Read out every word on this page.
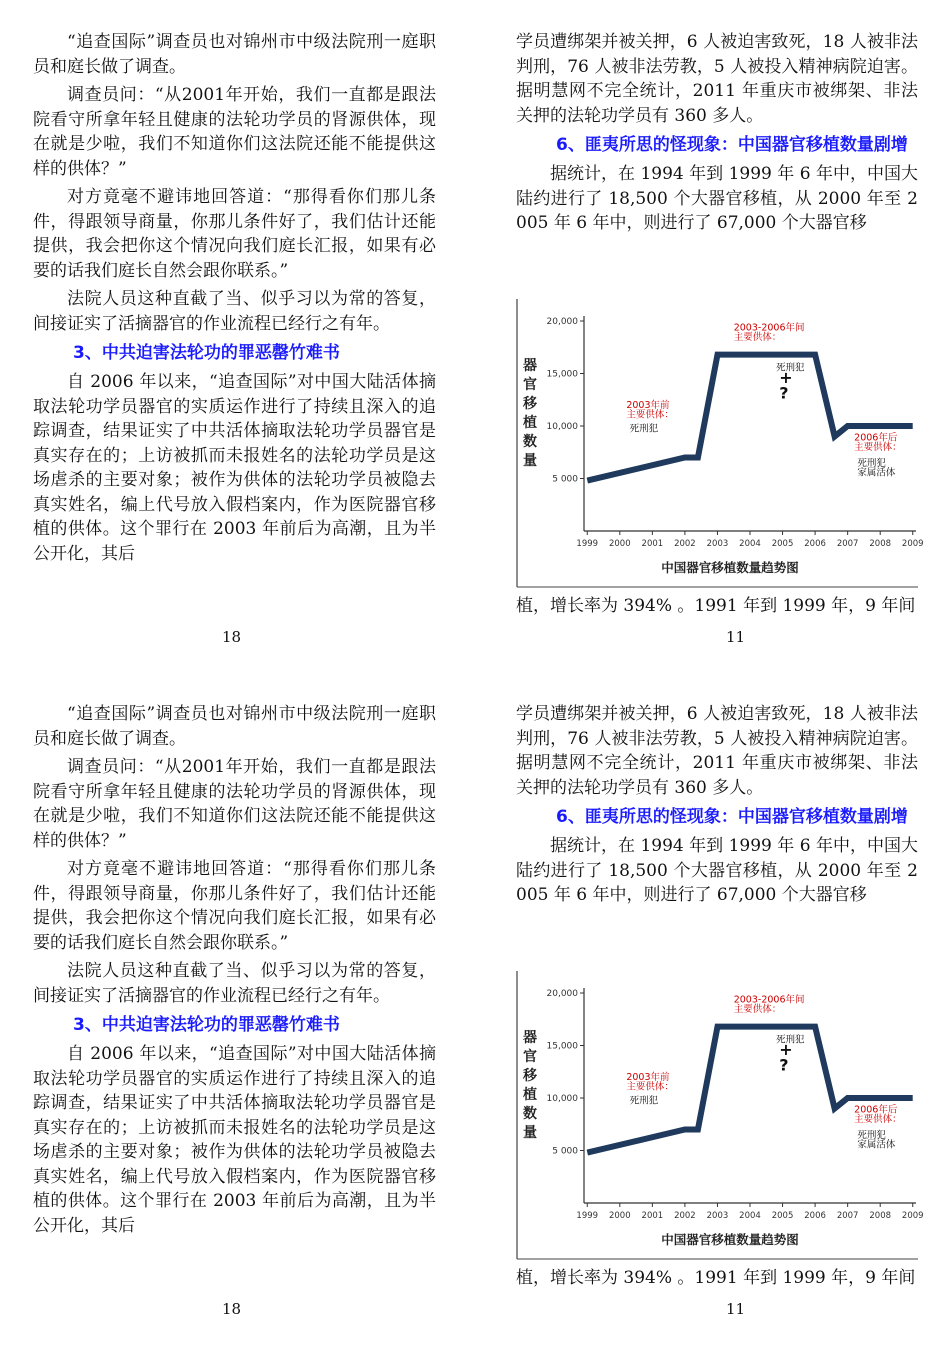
“追查国际”调查员也对锦州市中级法院刑一庭职员和庭长做了调查。

调查员问：“从2001年开始，我们一直都是跟法院看守所拿年轻且健康的法轮功学员的肾源供体，现在就是少啦，我们不知道你们这法院还能不能提供这样的供体？”

对方竟毫不避讳地回答道：“那得看你们那儿条件，得跟领导商量，你那儿条件好了，我们估计还能提供，我会把你这个情况向我们庭长汇报，如果有必要的话我们庭长自然会跟你联系。”

法院人员这种直截了当、似乎习以为常的答复，间接证实了活摘器官的作业流程已经行之有年。

3、中共迫害法轮功的罪恶罄竹难书

自 2006 年以来，“追查国际”对中国大陆活体摘取法轮功学员器官的实质运作进行了持续且深入的追踪调查，结果证实了中共活体摘取法轮功学员器官是真实存在的；上访被抓而未报姓名的法轮功学员是这场虐杀的主要对象；被作为供体的法轮功学员被隐去真实姓名，编上代号放入假档案内，作为医院器官移植的供体。这个罪行在 2003 年前后为高潮，且为半公开化，其后

18

学员遭绑架并被关押，6 人被迫害致死，18 人被非法判刑，76 人被非法劳教，5 人被投入精神病院迫害。据明慧网不完全统计，2011 年重庆市被绑架、非法关押的法轮功学员有 360 多人。

6、匪夷所思的怪现象：中国器官移植数量剧增

据统计，在 1994 年到 1999 年 6 年中，中国大陆约进行了 18,500 个大器官移植，从 2000 年至 2005 年 6 年中，则进行了 67,000 个大器官移

5 000
10,000
15,000
20,000
1999 2000 2001 2002 2003 2004 2005 2006 2007 2008 2009
器
官
移
植
数
量
2003年前
主要供体：
死刑犯
2003-2006年间
主要供体：
死刑犯
+
?
2006年后
主要供体：
死刑犯
家属活体
中国器官移植数量趋势图
植，增长率为 394% 。1991 年到 1999 年，9 年间
11

“追查国际”调查员也对锦州市中级法院刑一庭职员和庭长做了调查。

调查员问：“从2001年开始，我们一直都是跟法院看守所拿年轻且健康的法轮功学员的肾源供体，现在就是少啦，我们不知道你们这法院还能不能提供这样的供体？”

对方竟毫不避讳地回答道：“那得看你们那儿条件，得跟领导商量，你那儿条件好了，我们估计还能提供，我会把你这个情况向我们庭长汇报，如果有必要的话我们庭长自然会跟你联系。”

法院人员这种直截了当、似乎习以为常的答复，间接证实了活摘器官的作业流程已经行之有年。

3、中共迫害法轮功的罪恶罄竹难书

自 2006 年以来，“追查国际”对中国大陆活体摘取法轮功学员器官的实质运作进行了持续且深入的追踪调查，结果证实了中共活体摘取法轮功学员器官是真实存在的；上访被抓而未报姓名的法轮功学员是这场虐杀的主要对象；被作为供体的法轮功学员被隐去真实姓名，编上代号放入假档案内，作为医院器官移植的供体。这个罪行在 2003 年前后为高潮，且为半公开化，其后

18

学员遭绑架并被关押，6 人被迫害致死，18 人被非法判刑，76 人被非法劳教，5 人被投入精神病院迫害。据明慧网不完全统计，2011 年重庆市被绑架、非法关押的法轮功学员有 360 多人。

6、匪夷所思的怪现象：中国器官移植数量剧增

据统计，在 1994 年到 1999 年 6 年中，中国大陆约进行了 18,500 个大器官移植，从 2000 年至 2005 年 6 年中，则进行了 67,000 个大器官移

5 000
10,000
15,000
20,000
1999 2000 2001 2002 2003 2004 2005 2006 2007 2008 2009
器
官
移
植
数
量
2003年前
主要供体：
死刑犯
2003-2006年间
主要供体：
死刑犯
+
?
2006年后
主要供体：
死刑犯
家属活体
中国器官移植数量趋势图
植，增长率为 394% 。1991 年到 1999 年，9 年间
11
